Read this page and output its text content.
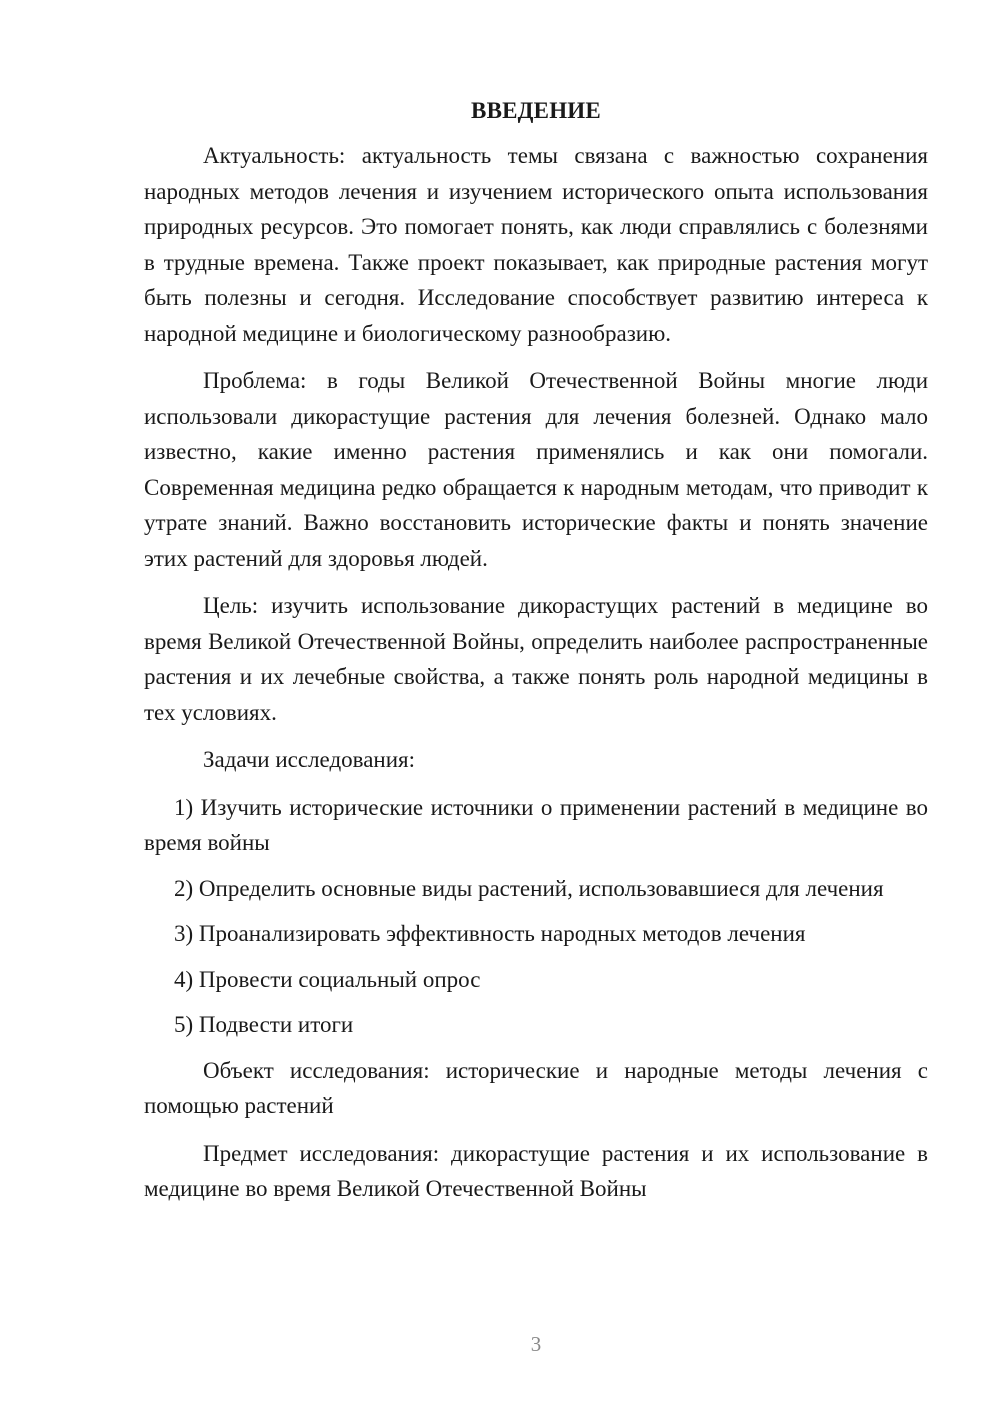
ВВЕДЕНИЕ

Актуальность: актуальность темы связана с важностью сохранения народных методов лечения и изучением исторического опыта использования природных ресурсов. Это помогает понять, как люди справлялись с болезнями в трудные времена. Также проект показывает, как природные растения могут быть полезны и сегодня. Исследование способствует развитию интереса к народной медицине и биологическому разнообразию.

Проблема: в годы Великой Отечественной Войны многие люди использовали дикорастущие растения для лечения болезней. Однако мало известно, какие именно растения применялись и как они помогали. Современная медицина редко обращается к народным методам, что приводит к утрате знаний. Важно восстановить исторические факты и понять значение этих растений для здоровья людей.

Цель: изучить использование дикорастущих растений в медицине во время Великой Отечественной Войны, определить наиболее распространенные растения и их лечебные свойства, а также понять роль народной медицины в тех условиях.

Задачи исследования:

1) Изучить исторические источники о применении растений в медицине во время войны

2) Определить основные виды растений, использовавшиеся для лечения

3) Проанализировать эффективность народных методов лечения

4) Провести социальный опрос

5) Подвести итоги

Объект исследования: исторические и народные методы лечения с помощью растений

Предмет исследования: дикорастущие растения и их использование в медицине во время Великой Отечественной Войны

3
